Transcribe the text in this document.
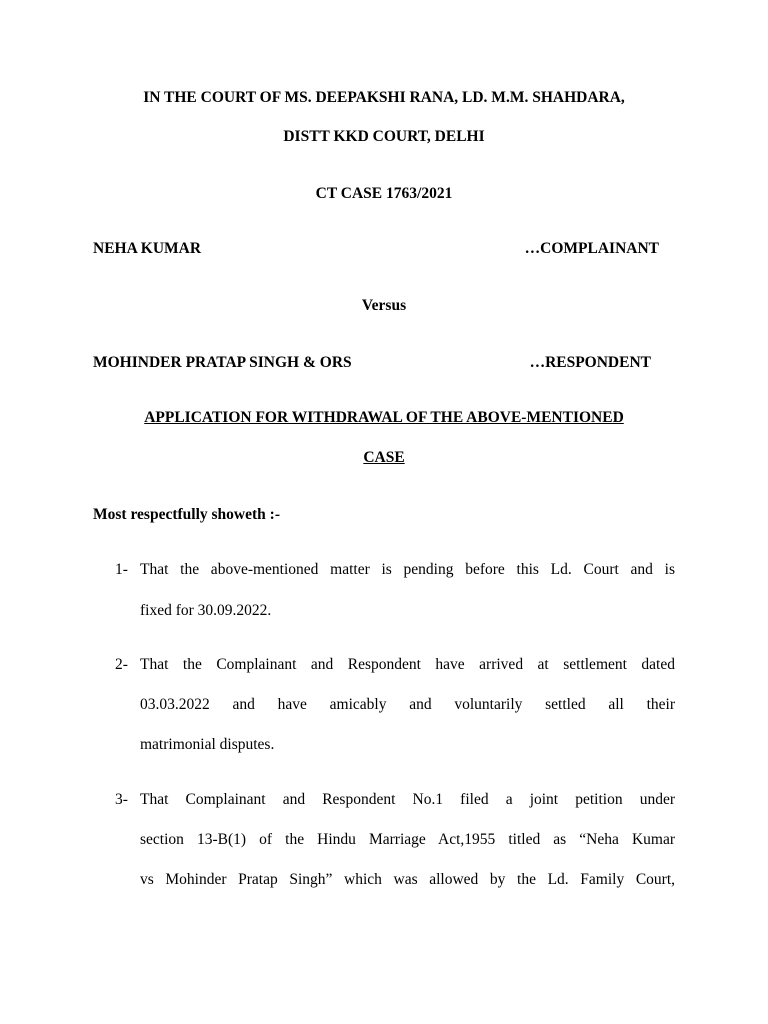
IN THE COURT OF MS. DEEPAKSHI RANA, LD. M.M. SHAHDARA,
DISTT KKD COURT, DELHI
CT CASE 1763/2021
NEHA KUMAR	…COMPLAINANT
Versus
MOHINDER PRATAP SINGH & ORS	…RESPONDENT
APPLICATION FOR WITHDRAWAL OF THE ABOVE-MENTIONED
CASE
Most respectfully showeth :-
1- That the above-mentioned matter is pending before this Ld. Court and is
fixed for 30.09.2022.
2- That the Complainant and Respondent have arrived at settlement dated
03.03.2022 and have amicably and voluntarily settled all their
matrimonial disputes.
3- That Complainant and Respondent No.1 filed a joint petition under
section 13-B(1) of the Hindu Marriage Act,1955 titled as “Neha Kumar
vs Mohinder Pratap Singh” which was allowed by the Ld. Family Court,
